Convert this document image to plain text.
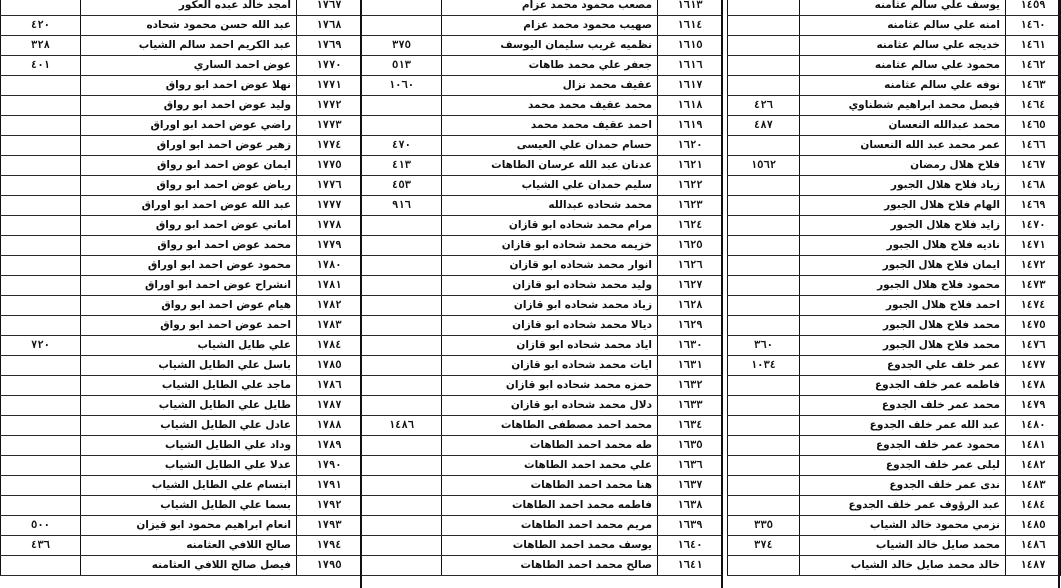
	يوسف علي سالم عثامنه	١٤٥٩
	امنه علي سالم عثامنه	١٤٦٠
	خديجه علي سالم عثامنه	١٤٦١
	محمود علي سالم عثامنه	١٤٦٢
	نوفه علي سالم عثامنه	١٤٦٣
٤٢٦	فيصل محمد ابراهيم شطناوي	١٤٦٤
٤٨٧	محمد عبدالله النعسان	١٤٦٥
	عمر محمد عبد الله النعسان	١٤٦٦
١٥٦٢	فلاح هلال رمضان	١٤٦٧
	زياد فلاح هلال الجبور	١٤٦٨
	الهام فلاح هلال الجبور	١٤٦٩
	زايد فلاح هلال الجبور	١٤٧٠
	ناديه فلاح هلال الجبور	١٤٧١
	ايمان فلاح هلال الجبور	١٤٧٢
	محمود فلاح هلال الجبور	١٤٧٣
	احمد فلاح هلال الجبور	١٤٧٤
	محمد فلاح هلال الجبور	١٤٧٥
٣٦٠	محمد فلاح هلال الجبور	١٤٧٦
١٠٣٤	عمر خلف علي الجدوع	١٤٧٧
	فاطمه عمر خلف الجدوع	١٤٧٨
	محمد عمر خلف الجدوع	١٤٧٩
	عبد الله عمر خلف الجدوع	١٤٨٠
	محمود عمر خلف الجدوع	١٤٨١
	ليلى عمر خلف الجدوع	١٤٨٢
	ندى عمر خلف الجدوع	١٤٨٣
	عبد الرؤوف عمر خلف الجدوع	١٤٨٤
٣٣٥	نزمي محمود خالد الشياب	١٤٨٥
٣٧٤	محمد صايل خالد الشياب	١٤٨٦
	خالد محمد صايل خالد الشياب	١٤٨٧
	مصعب محمود محمد عزام	١٦١٣
	صهيب محمود محمد عزام	١٦١٤
٣٧٥	نظميه غريب سليمان اليوسف	١٦١٥
٥١٣	جعفر علي محمد طاهات	١٦١٦
١٠٦٠	عقيف محمد نزال	١٦١٧
	محمد عقيف محمد محمد	١٦١٨
	احمد عقيف محمد محمد	١٦١٩
٤٧٠	حسام حمدان علي العيسى	١٦٢٠
٤١٣	عدنان عبد الله عرسان الطاهات	١٦٢١
٤٥٣	سليم حمدان علي الشياب	١٦٢٢
٩١٦	محمد شحاده عبدالله	١٦٢٣
	مرام محمد شحاده ابو قازان	١٦٢٤
	خزيمه محمد شحاده ابو قازان	١٦٢٥
	انوار محمد شحاده ابو قازان	١٦٢٦
	وليد محمد شحاده ابو قازان	١٦٢٧
	زياد محمد شحاده ابو قازان	١٦٢٨
	ديالا محمد شحاده ابو قازان	١٦٢٩
	اياد محمد شحاده ابو قازان	١٦٣٠
	ايات محمد شحاده ابو قازان	١٦٣١
	حمزه محمد شحاده ابو قازان	١٦٣٢
	دلال محمد شحاده ابو قازان	١٦٣٣
١٤٨٦	محمد احمد مصطفى الطاهات	١٦٣٤
	طه محمد احمد الطاهات	١٦٣٥
	علي محمد احمد الطاهات	١٦٣٦
	هنا محمد احمد الطاهات	١٦٣٧
	فاطمه محمد احمد الطاهات	١٦٣٨
	مريم محمد احمد الطاهات	١٦٣٩
	يوسف محمد احمد الطاهات	١٦٤٠
	صالح محمد احمد الطاهات	١٦٤١
	امجد خالد عبده العكور	١٧٦٧
٤٢٠	عبد الله حسن محمود شحاده	١٧٦٨
٣٢٨	عبد الكريم احمد سالم الشياب	١٧٦٩
٤٠١	عوض احمد الساري	١٧٧٠
	نهلا عوض احمد ابو رواق	١٧٧١
	وليد عوض احمد ابو رواق	١٧٧٢
	راضي عوض احمد ابو اوراق	١٧٧٣
	زهير عوض احمد ابو اوراق	١٧٧٤
	ايمان عوض احمد ابو رواق	١٧٧٥
	رياض عوض احمد ابو رواق	١٧٧٦
	عبد الله عوض احمد ابو اوراق	١٧٧٧
	اماني عوض احمد ابو رواق	١٧٧٨
	محمد عوض احمد ابو رواق	١٧٧٩
	محمود عوض احمد ابو اوراق	١٧٨٠
	انشراح عوض احمد ابو اوراق	١٧٨١
	هيام عوض احمد ابو رواق	١٧٨٢
	احمد عوض احمد ابو رواق	١٧٨٣
٧٢٠	علي طايل الشياب	١٧٨٤
	باسل علي الطايل الشياب	١٧٨٥
	ماجد علي الطايل الشياب	١٧٨٦
	طايل علي الطايل الشياب	١٧٨٧
	عادل علي الطايل الشياب	١٧٨٨
	وداد علي الطايل الشياب	١٧٨٩
	عدلا علي الطايل الشياب	١٧٩٠
	ابتسام علي الطايل الشياب	١٧٩١
	بسما علي الطايل الشياب	١٧٩٢
٥٠٠	انعام ابراهيم محمود ابو قيزان	١٧٩٣
٤٣٦	صالح اللافي العثامنه	١٧٩٤
	فيصل صالح اللافي العثامنه	١٧٩٥
